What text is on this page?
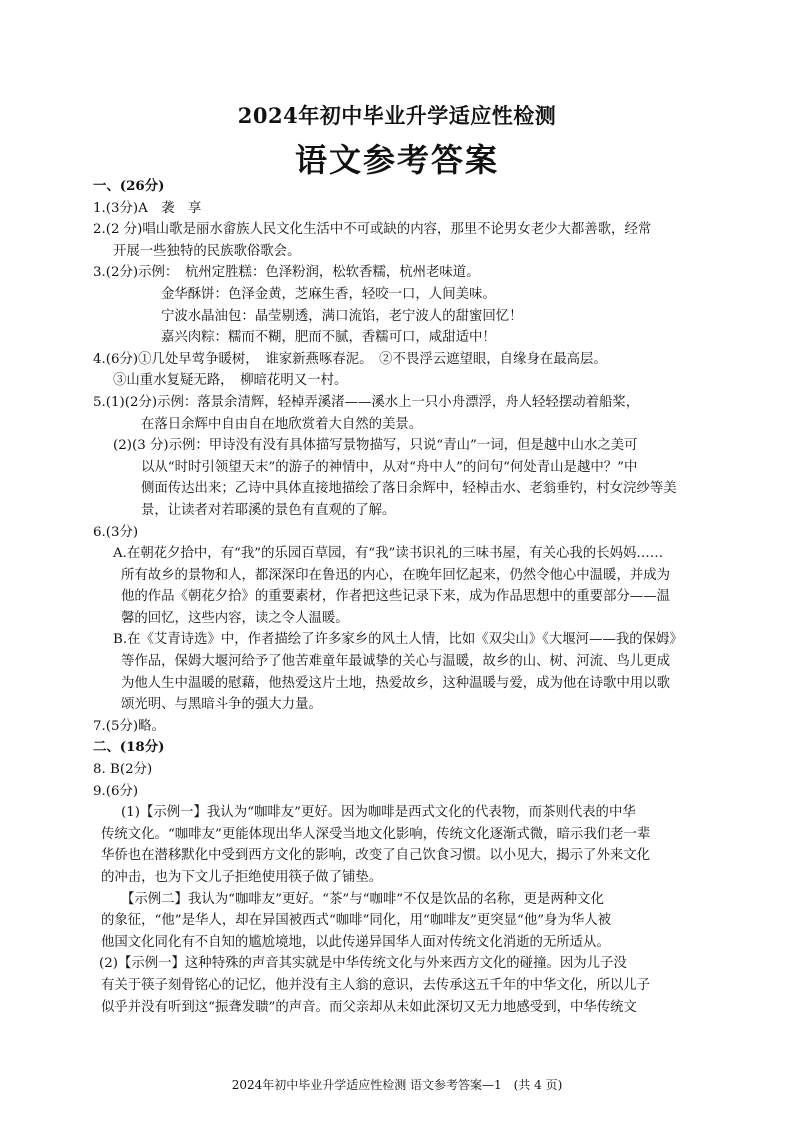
2024年初中毕业升学适应性检测
语文参考答案
一、(26分)
1.(3分)A　袭　享
2.(2 分)唱山歌是丽水畲族人民文化生活中不可或缺的内容，那里不论男女老少大都善歌，经常
开展一些独特的民族歌俗歌会。
3.(2分)示例：　杭州定胜糕：色泽粉润，松软香糯，杭州老味道。
金华酥饼：色泽金黄，芝麻生香，轻咬一口，人间美味。
宁波水晶油包：晶莹剔透，满口流馅，老宁波人的甜蜜回忆！
嘉兴肉粽：糯而不糊，肥而不腻，香糯可口，咸甜适中！
4.(6分)①几处早莺争暖树，　谁家新燕啄春泥。　②不畏浮云遮望眼，自缘身在最高层。
③山重水复疑无路，　柳暗花明又一村。
5.(1)(2分)示例：落景余清辉，轻棹弄溪渚——溪水上一只小舟漂浮，舟人轻轻摆动着船桨，
在落日余辉中自由自在地欣赏着大自然的美景。
(2)(3 分)示例：甲诗没有没有具体描写景物描写，只说“青山”一词，但是越中山水之美可
以从“时时引领望天末”的游子的神情中，从对“舟中人”的问句“何处青山是越中？”中
侧面传达出来；乙诗中具体直接地描绘了落日余辉中，轻棹击水、老翁垂钓，村女浣纱等美
景，让读者对若耶溪的景色有直观的了解。
6.(3分)
A.在朝花夕拾中，有“我”的乐园百草园，有“我”读书识礼的三味书屋，有关心我的长妈妈……
所有故乡的景物和人，都深深印在鲁迅的内心，在晚年回忆起来，仍然令他心中温暖，并成为
他的作品《朝花夕拾》的重要素材，作者把这些记录下来，成为作品思想中的重要部分——温
馨的回忆，这些内容，读之令人温暖。
B.在《艾青诗选》中，作者描绘了许多家乡的风土人情，比如《双尖山》《大堰河——我的保姆》
等作品，保姆大堰河给予了他苦难童年最诚挚的关心与温暖，故乡的山、树、河流、鸟儿更成
为他人生中温暖的慰藉，他热爱这片土地，热爱故乡，这种温暖与爱，成为他在诗歌中用以歌
颂光明、与黑暗斗争的强大力量。
7.(5分)略。
二、(18分)
8. B(2分)
9.(6分)
(1)【示例一】我认为“咖啡友”更好。因为咖啡是西式文化的代表物，而茶则代表的中华
传统文化。“咖啡友”更能体现出华人深受当地文化影响，传统文化逐渐式微，暗示我们老一辈
华侨也在潜移默化中受到西方文化的影响，改变了自己饮食习惯。以小见大，揭示了外来文化
的冲击，也为下文儿子拒绝使用筷子做了铺垫。
【示例二】我认为“咖啡友”更好。“茶”与“咖啡”不仅是饮品的名称，更是两种文化
的象征，“他”是华人，却在异国被西式“咖啡”同化，用“咖啡友”更突显“他”身为华人被
他国文化同化有不自知的尴尬境地，以此传递异国华人面对传统文化消逝的无所适从。
(2)【示例一】这种特殊的声音其实就是中华传统文化与外来西方文化的碰撞。因为儿子没
有关于筷子刻骨铭心的记忆，他并没有主人翁的意识，去传承这五千年的中华文化，所以儿子
似乎并没有听到这“振聋发聩”的声音。而父亲却从未如此深切又无力地感受到，中华传统文
2024年初中毕业升学适应性检测 语文参考答案—1　(共 4 页)
